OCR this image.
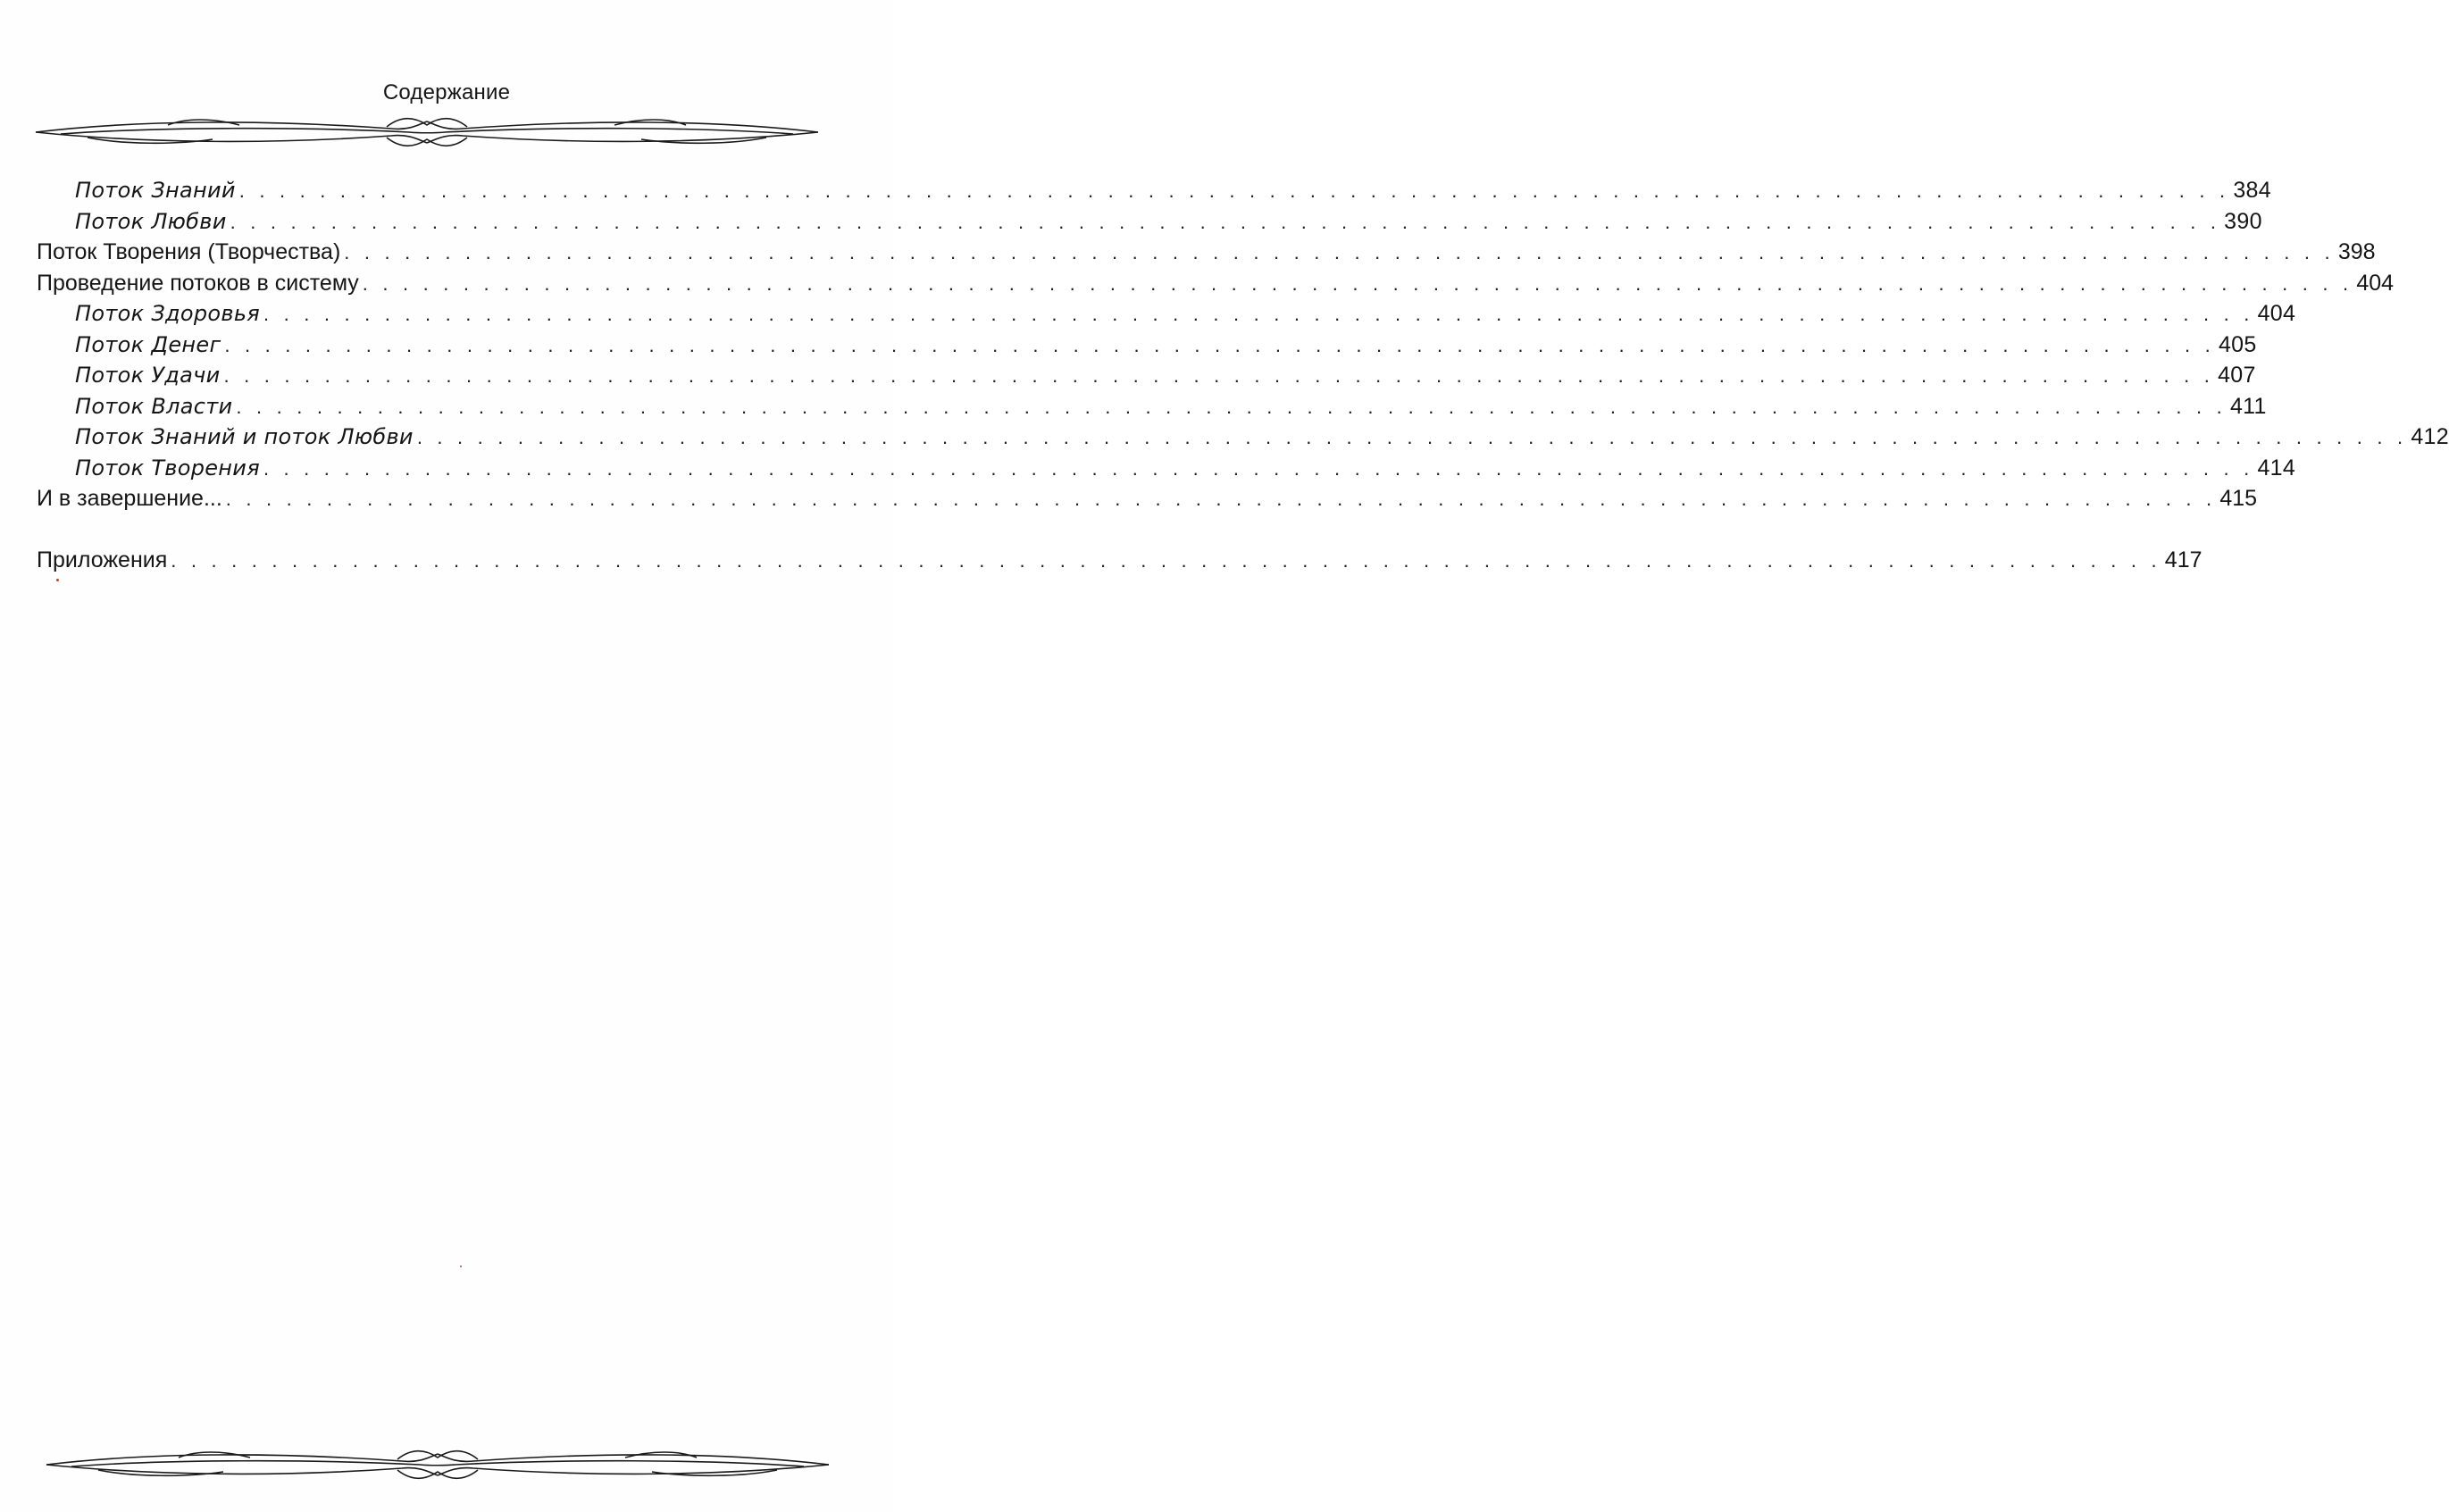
Содержание
Поток Знаний . . . . . . . . . . . . . . . . . . . . . . . . . . . . . . . . . . . . . . . . . . . . . . . . . . . . . . . . . . . . . . . . . . . . . . . . . . . . . . . . . . . . . . . . . . . . . . . . . . . 384
Поток Любви . . . . . . . . . . . . . . . . . . . . . . . . . . . . . . . . . . . . . . . . . . . . . . . . . . . . . . . . . . . . . . . . . . . . . . . . . . . . . . . . . . . . . . . . . . . . . . . . . . . 390
Поток Творения (Творчества) . . . . . . . . . . . . . . . . . . . . . . . . . . . . . . . . . . . . . . . . . . . . . . . . . . . . . . . . . . . . . . . . . . . . . . . . . . . . . . . . . . . . . . . . . . . . . . . . . . . 398
Проведение потоков в систему . . . . . . . . . . . . . . . . . . . . . . . . . . . . . . . . . . . . . . . . . . . . . . . . . . . . . . . . . . . . . . . . . . . . . . . . . . . . . . . . . . . . . . . . . . . . . . . . . . . 404
Поток Здоровья . . . . . . . . . . . . . . . . . . . . . . . . . . . . . . . . . . . . . . . . . . . . . . . . . . . . . . . . . . . . . . . . . . . . . . . . . . . . . . . . . . . . . . . . . . . . . . . . . . . 404
Поток Денег . . . . . . . . . . . . . . . . . . . . . . . . . . . . . . . . . . . . . . . . . . . . . . . . . . . . . . . . . . . . . . . . . . . . . . . . . . . . . . . . . . . . . . . . . . . . . . . . . . . 405
Поток Удачи . . . . . . . . . . . . . . . . . . . . . . . . . . . . . . . . . . . . . . . . . . . . . . . . . . . . . . . . . . . . . . . . . . . . . . . . . . . . . . . . . . . . . . . . . . . . . . . . . . . 407
Поток Власти . . . . . . . . . . . . . . . . . . . . . . . . . . . . . . . . . . . . . . . . . . . . . . . . . . . . . . . . . . . . . . . . . . . . . . . . . . . . . . . . . . . . . . . . . . . . . . . . . . . 411
Поток Знаний и поток Любви . . . . . . . . . . . . . . . . . . . . . . . . . . . . . . . . . . . . . . . . . . . . . . . . . . . . . . . . . . . . . . . . . . . . . . . . . . . . . . . . . . . . . . . . . . . . . . . . . . . 412
Поток Творения . . . . . . . . . . . . . . . . . . . . . . . . . . . . . . . . . . . . . . . . . . . . . . . . . . . . . . . . . . . . . . . . . . . . . . . . . . . . . . . . . . . . . . . . . . . . . . . . . . . 414
И в завершение... . . . . . . . . . . . . . . . . . . . . . . . . . . . . . . . . . . . . . . . . . . . . . . . . . . . . . . . . . . . . . . . . . . . . . . . . . . . . . . . . . . . . . . . . . . . . . . . . . . . 415
Приложения . . . . . . . . . . . . . . . . . . . . . . . . . . . . . . . . . . . . . . . . . . . . . . . . . . . . . . . . . . . . . . . . . . . . . . . . . . . . . . . . . . . . . . . . . . . . . . . . . . . 417
